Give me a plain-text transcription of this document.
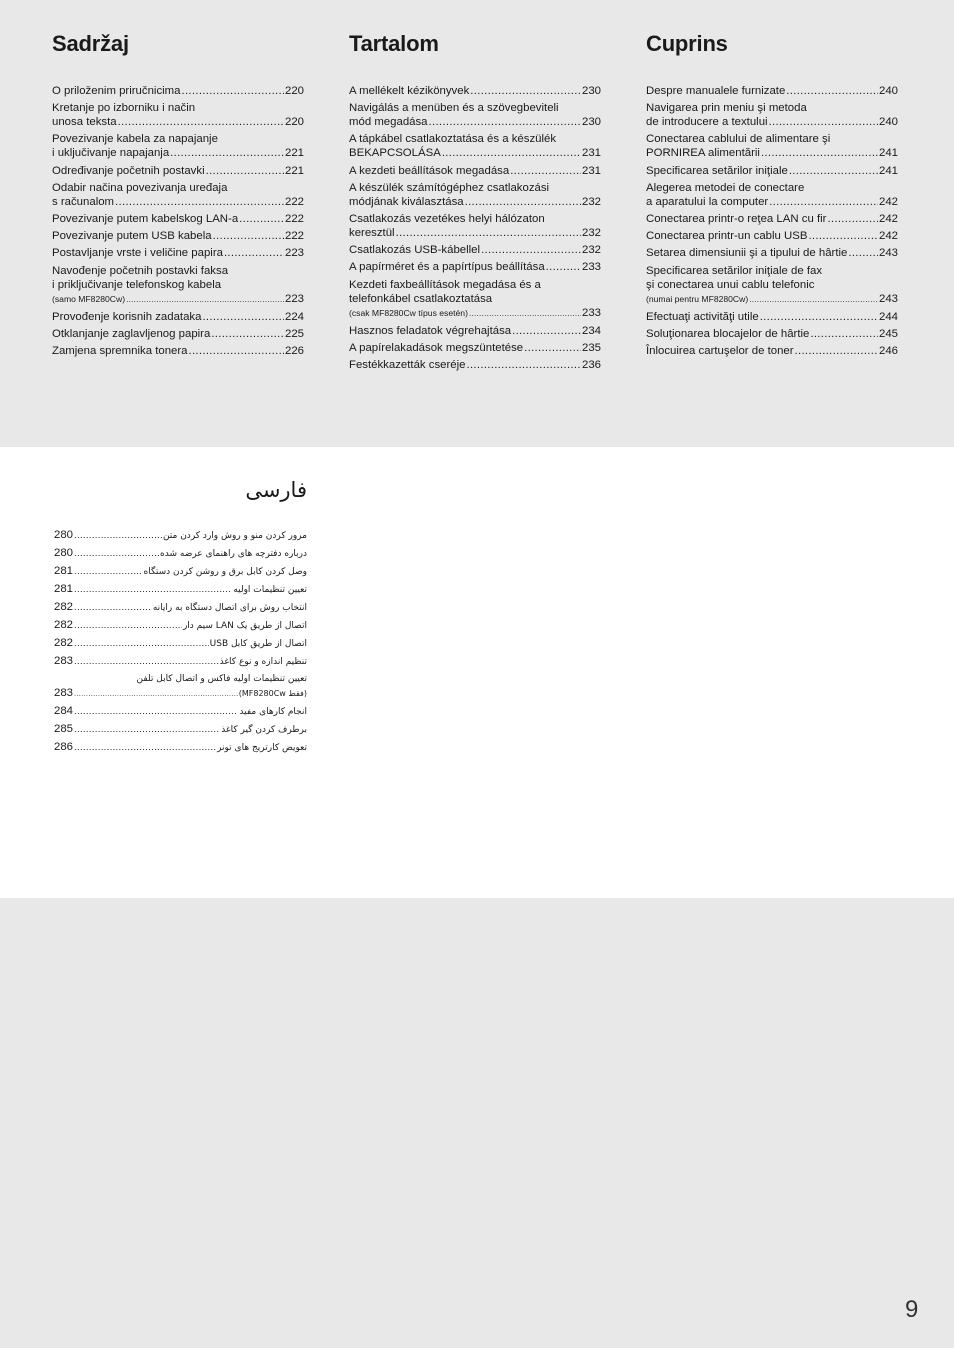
Sadržaj
O priloženim priručnicima .....	220
Kretanje po izborniku i način
unosa teksta .....	220
Povezivanje kabela za napajanje
i uključivanje napajanja .....	221
Određivanje početnih postavki .....	221
Odabir načina povezivanja uređaja
s računalom .....	222
Povezivanje putem kabelskog LAN-a .....	222
Povezivanje putem USB kabela .....	222
Postavljanje vrste i veličine papira .....	223
Navođenje početnih postavki faksa
i priključivanje telefonskog kabela
(samo MF8280Cw) .....	223
Provođenje korisnih zadataka .....	224
Otklanjanje zaglavljenog papira .....	225
Zamjena spremnika tonera .....	226
Tartalom
A mellékelt kézikönyvek .....	230
Navigálás a menüben és a szövegbeviteli
mód megadása .....	230
A tápkábel csatlakoztatása és a készülék
BEKAPCSOLÁSA .....	231
A kezdeti beállítások megadása .....	231
A készülék számítógéphez csatlakozási
módjának kiválasztása .....	232
Csatlakozás vezetékes helyi hálózaton
keresztül .....	232
Csatlakozás USB-kábellel .....	232
A papírméret és a papírtípus beállítása .....	233
Kezdeti faxbeállítások megadása és a
telefonkábel csatlakoztatása
(csak MF8280Cw típus esetén) .....	233
Hasznos feladatok végrehajtása .....	234
A papírelakadások megszüntetése .....	235
Festékkazetták cseréje .....	236
Cuprins
Despre manualele furnizate .....	240
Navigarea prin meniu şi metoda
de introducere a textului .....	240
Conectarea cablului de alimentare şi
PORNIREA alimentării .....	241
Specificarea setărilor iniţiale .....	241
Alegerea metodei de conectare
a aparatului la computer .....	242
Conectarea printr-o reţea LAN cu fir .....	242
Conectarea printr-un cablu USB .....	242
Setarea dimensiunii şi a tipului de hârtie .....	243
Specificarea setărilor iniţiale de fax
şi conectarea unui cablu telefonic
(numai pentru MF8280Cw) .....	243
Efectuaţi activităţi utile .....	244
Soluţionarea blocajelor de hârtie .....	245
Înlocuirea cartuşelor de toner .....	246
فارسی
280 .....	مرور کردن منو و روش وارد کردن متن
280 .....	درباره دفترچه های راهنمای عرضه شده
281 .....	وصل کردن کابل برق و روشن کردن دستگاه
281 .....	تعیین تنظیمات اولیه
282 .....	انتخاب روش برای اتصال دستگاه به رایانه
282 .....	اتصال از طریق یک LAN سیم دار
282 .....	اتصال از طریق کابل USB
283 .....	تنظیم اندازه و نوع کاغذ
تعیین تنظیمات اولیه فاکس و اتصال کابل تلفن
283 .....	(فقط MF8280Cw)
284 .....	انجام کارهای مفید
285 .....	برطرف کردن گیر کاغذ
286 .....	تعویض کارتریج های تونر
9
